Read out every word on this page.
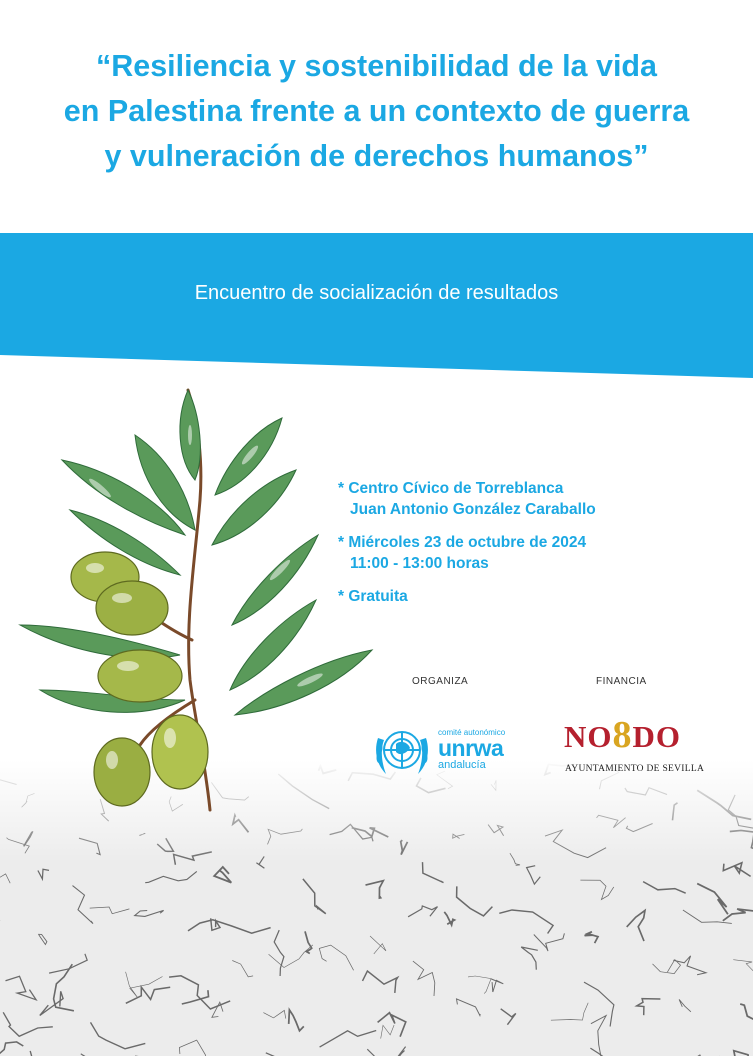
“Resiliencia y sostenibilidad de la vida
en Palestina frente a un contexto de guerra
y vulneración de derechos humanos”
Encuentro de socialización de resultados
* Centro Cívico de Torreblanca
Juan Antonio González Caraballo
* Miércoles 23 de octubre de 2024
11:00 - 13:00 horas
* Gratuita
ORGANIZA	FINANCIA
comité autonómico
unrwa
andalucía
NO8DO
AYUNTAMIENTO DE SEVILLA
